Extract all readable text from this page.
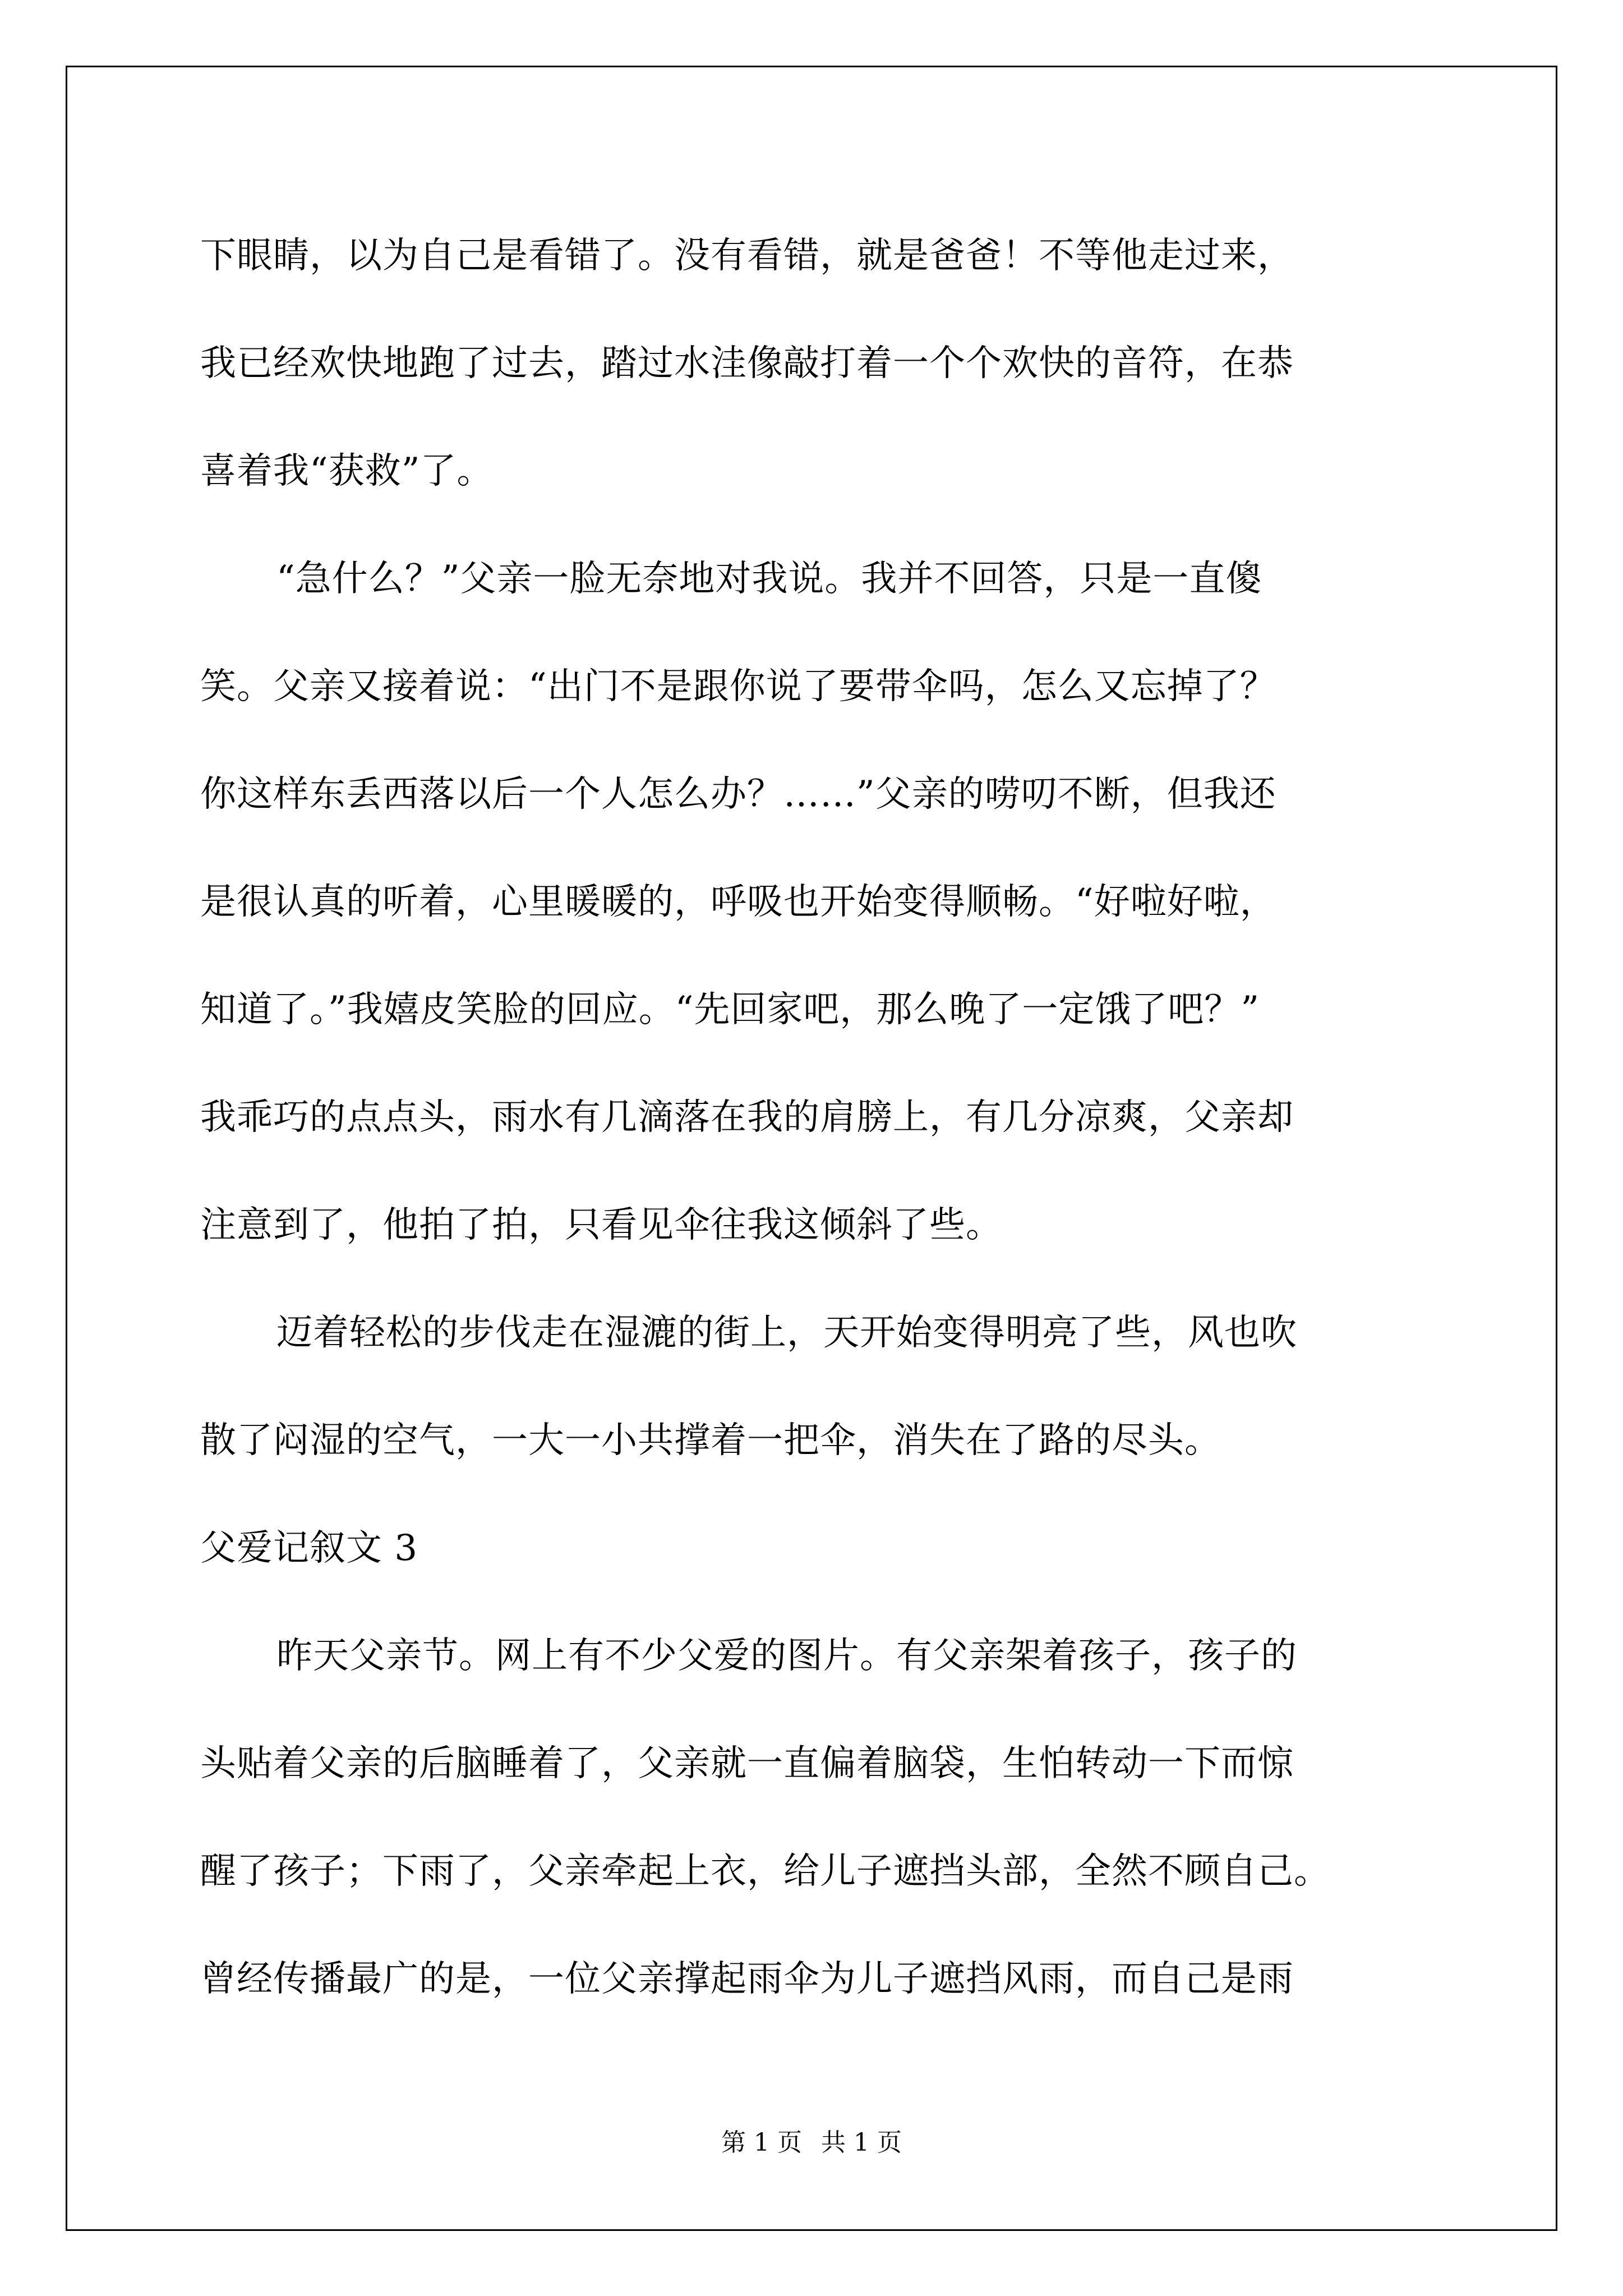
下眼睛，以为自己是看错了。没有看错，就是爸爸！不等他走过来，
我已经欢快地跑了过去，踏过水洼像敲打着一个个欢快的音符，在恭
喜着我“获救”了。
“急什么？”父亲一脸无奈地对我说。我并不回答，只是一直傻
笑。父亲又接着说：“出门不是跟你说了要带伞吗，怎么又忘掉了？
你这样东丢西落以后一个人怎么办？……”父亲的唠叨不断，但我还
是很认真的听着，心里暖暖的，呼吸也开始变得顺畅。“好啦好啦，
知道了。”我嬉皮笑脸的回应。“先回家吧，那么晚了一定饿了吧？”
我乖巧的点点头，雨水有几滴落在我的肩膀上，有几分凉爽，父亲却
注意到了，他拍了拍，只看见伞往我这倾斜了些。
迈着轻松的步伐走在湿漉的街上，天开始变得明亮了些，风也吹
散了闷湿的空气，一大一小共撑着一把伞，消失在了路的尽头。
父爱记叙文 3
昨天父亲节。网上有不少父爱的图片。有父亲架着孩子，孩子的
头贴着父亲的后脑睡着了，父亲就一直偏着脑袋，生怕转动一下而惊
醒了孩子；下雨了，父亲牵起上衣，给儿子遮挡头部，全然不顾自己。
曾经传播最广的是，一位父亲撑起雨伞为儿子遮挡风雨，而自己是雨
第 1 页 共 1 页
